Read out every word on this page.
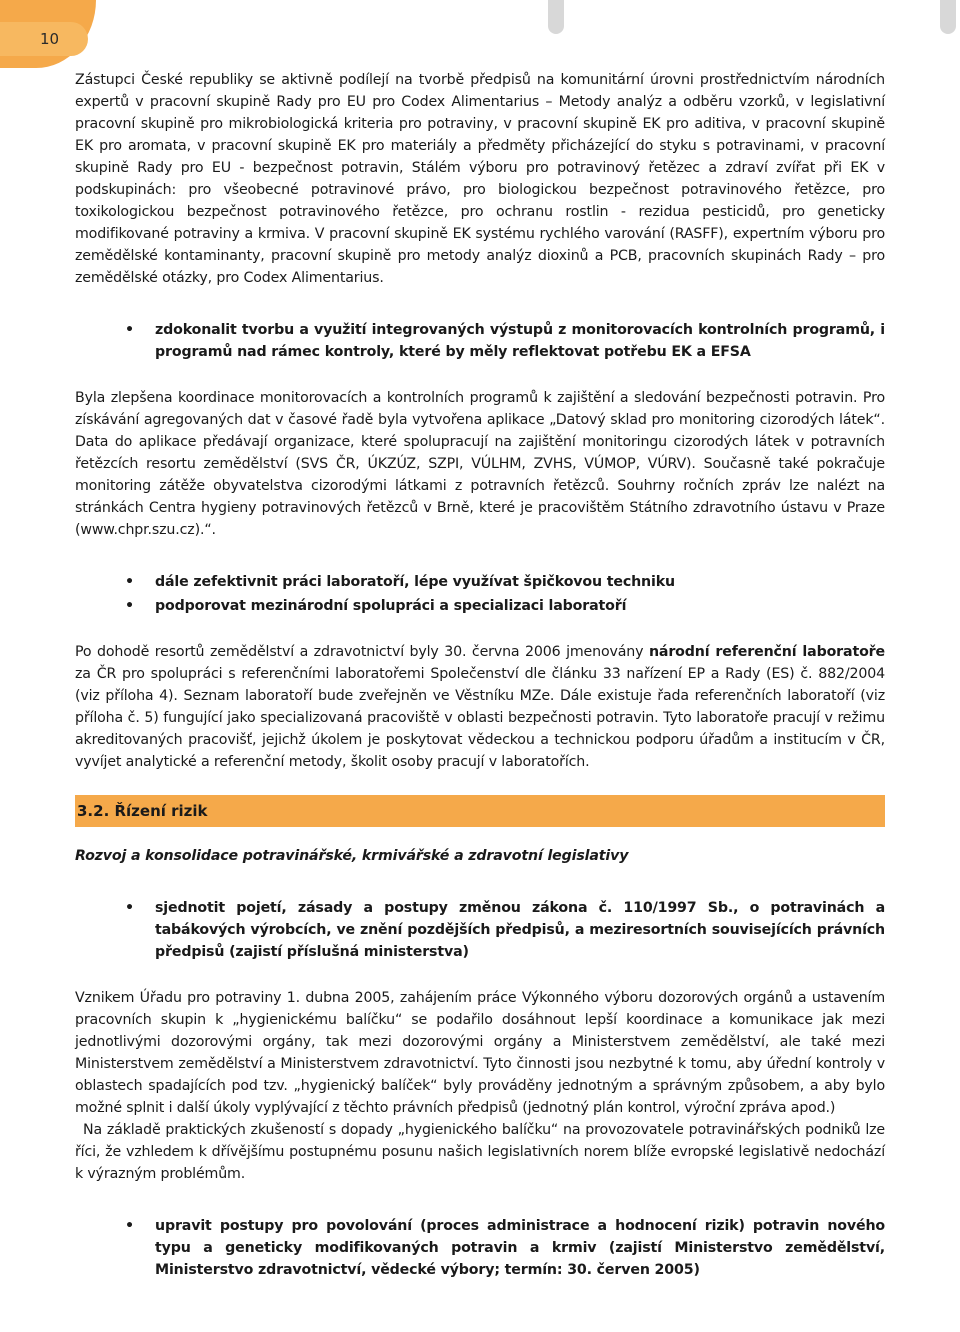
10

Zástupci České republiky se aktivně podílejí na tvorbě předpisů na komunitární úrovni prostřednictvím národních expertů v pracovní skupině Rady pro EU pro Codex Alimentarius – Metody analýz a odběru vzorků, v legislativní pracovní skupině pro mikrobiologická kriteria pro potraviny, v pracovní skupině EK pro aditiva, v pracovní skupině EK pro aromata, v pracovní skupině EK pro materiály a předměty přicházející do styku s potravinami, v pracovní skupině Rady pro EU - bezpečnost potravin, Stálém výboru pro potravinový řetězec a zdraví zvířat při EK v podskupinách: pro všeobecné potravinové právo, pro biologickou bezpečnost potravinového řetězce, pro toxikologickou bezpečnost potravinového řetězce, pro ochranu rostlin - rezidua pesticidů, pro geneticky modifikované potraviny a krmiva. V pracovní skupině EK systému rychlého varování (RASFF), expertním výboru pro zemědělské kontaminanty, pracovní skupině pro metody analýz dioxinů a PCB, pracovních skupinách Rady – pro zemědělské otázky, pro Codex Alimentarius.

• zdokonalit tvorbu a využití integrovaných výstupů z monitorovacích kontrolních programů, i programů nad rámec kontroly, které by měly reflektovat potřebu EK a EFSA

Byla zlepšena koordinace monitorovacích a kontrolních programů k zajištění a sledování bezpečnosti potravin. Pro získávání agregovaných dat v časové řadě byla vytvořena aplikace „Datový sklad pro monitoring cizorodých látek“. Data do aplikace předávají organizace, které spolupracují na zajištění monitoringu cizorodých látek v potravních řetězcích resortu zemědělství (SVS ČR, ÚKZÚZ, SZPI, VÚLHM, ZVHS, VÚMOP, VÚRV). Současně také pokračuje monitoring zátěže obyvatelstva cizorodými látkami z potravních řetězců. Souhrny ročních zpráv lze nalézt na stránkách Centra hygieny potravinových řetězců v Brně, které je pracovištěm Státního zdravotního ústavu v Praze (www.chpr.szu.cz).“.

• dále zefektivnit práci laboratoří, lépe využívat špičkovou techniku
• podporovat mezinárodní spolupráci a specializaci laboratoří

Po dohodě resortů zemědělství a zdravotnictví byly 30. června 2006 jmenovány národní referenční laboratoře za ČR pro spolupráci s referenčními laboratořemi Společenství dle článku 33 nařízení EP a Rady (ES) č. 882/2004 (viz příloha 4). Seznam laboratoří bude zveřejněn ve Věstníku MZe. Dále existuje řada referenčních laboratoří (viz příloha č. 5) fungující jako specializovaná pracoviště v oblasti bezpečnosti potravin. Tyto laboratoře pracují v režimu akreditovaných pracovišť, jejichž úkolem je poskytovat vědeckou a technickou podporu úřadům a institucím v ČR, vyvíjet analytické a referenční metody, školit osoby pracují v laboratořích.

3.2. Řízení rizik

Rozvoj a konsolidace potravinářské, krmivářské a zdravotní legislativy

• sjednotit pojetí, zásady a postupy změnou zákona č. 110/1997 Sb., o potravinách a tabákových výrobcích, ve znění pozdějších předpisů, a meziresortních souvisejících právních předpisů (zajistí příslušná ministerstva)

Vznikem Úřadu pro potraviny 1. dubna 2005, zahájením práce Výkonného výboru dozorových orgánů a ustavením pracovních skupin k „hygienickému balíčku“ se podařilo dosáhnout lepší koordinace a komunikace jak mezi jednotlivými dozorovými orgány, tak mezi dozorovými orgány a Ministerstvem zemědělství, ale také mezi Ministerstvem zemědělství a Ministerstvem zdravotnictví. Tyto činnosti jsou nezbytné k tomu, aby úřední kontroly v oblastech spadajících pod tzv. „hygienický balíček“ byly prováděny jednotným a správným způsobem, a aby bylo možné splnit i další úkoly vyplývající z těchto právních předpisů (jednotný plán kontrol, výroční zpráva apod.)

Na základě praktických zkušeností s dopady „hygienického balíčku“ na provozovatele potravinářských podniků lze říci, že vzhledem k dřívějšímu postupnému posunu našich legislativních norem blíže evropské legislativě nedochází k výrazným problémům.

• upravit postupy pro povolování (proces administrace a hodnocení rizik) potravin nového typu a geneticky modifikovaných potravin a krmiv (zajistí Ministerstvo zemědělství, Ministerstvo zdravotnictví, vědecké výbory; termín: 30. červen 2005)
